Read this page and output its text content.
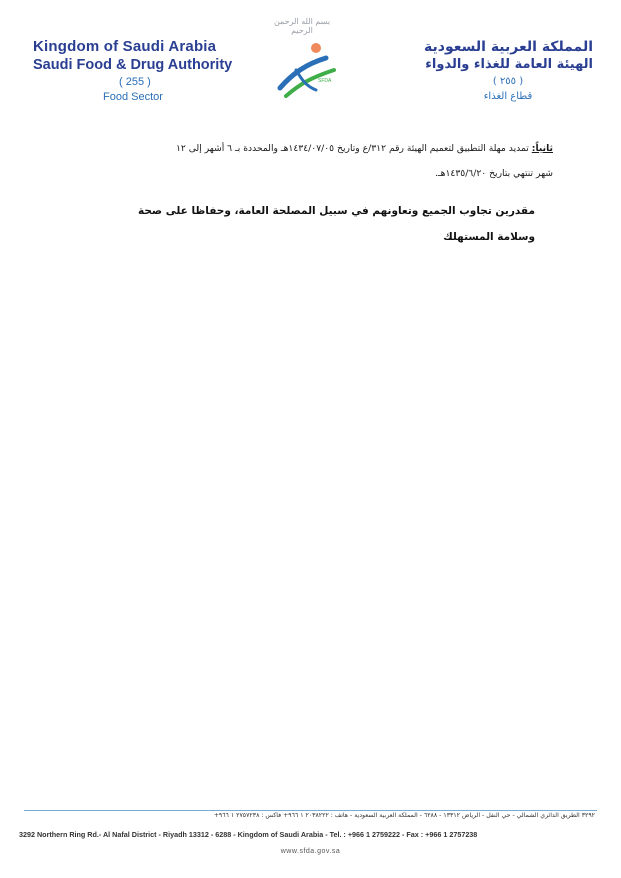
بسم الله الرحمن الرحيم
Kingdom of Saudi Arabia
Saudi Food & Drug Authority
( 255 )
Food Sector
SFDA
المملكة العربية السعودية
الهيئة العامة للغذاء والدواء
( ٢٥٥ )
قطاع الغذاء
ثانياً: تمديد مهلة التطبيق لتعميم الهيئة رقم ٣١٢/ع وتاريخ ١٤٣٤/٠٧/٠٥هـ والمحددة بـ ٦ أشهر إلى ١٢
شهر تنتهي بتاريخ ١٤٣٥/٦/٢٠هـ.
مقدرين تجاوب الجميع وتعاونهم في سبيل المصلحة العامة، وحفاظا على صحة
وسلامة المستهلك
٣٢٩٢ الطريق الدائري الشمالي - حي النفل - الرياض ١٣٣١٢ - ٦٢٨٨ - المملكة العربية السعودية - هاتف : ٢٠٣٨٢٢٢ ١ ٩٦٦+ فاكس : ٢٧٥٧٢٣٨ ١ ٩٦٦+
3292 Northern Ring Rd.- Al Nafal District - Riyadh 13312 - 6288 - Kingdom of Saudi Arabia - Tel. : +966 1 2759222 - Fax : +966 1 2757238
www.sfda.gov.sa
